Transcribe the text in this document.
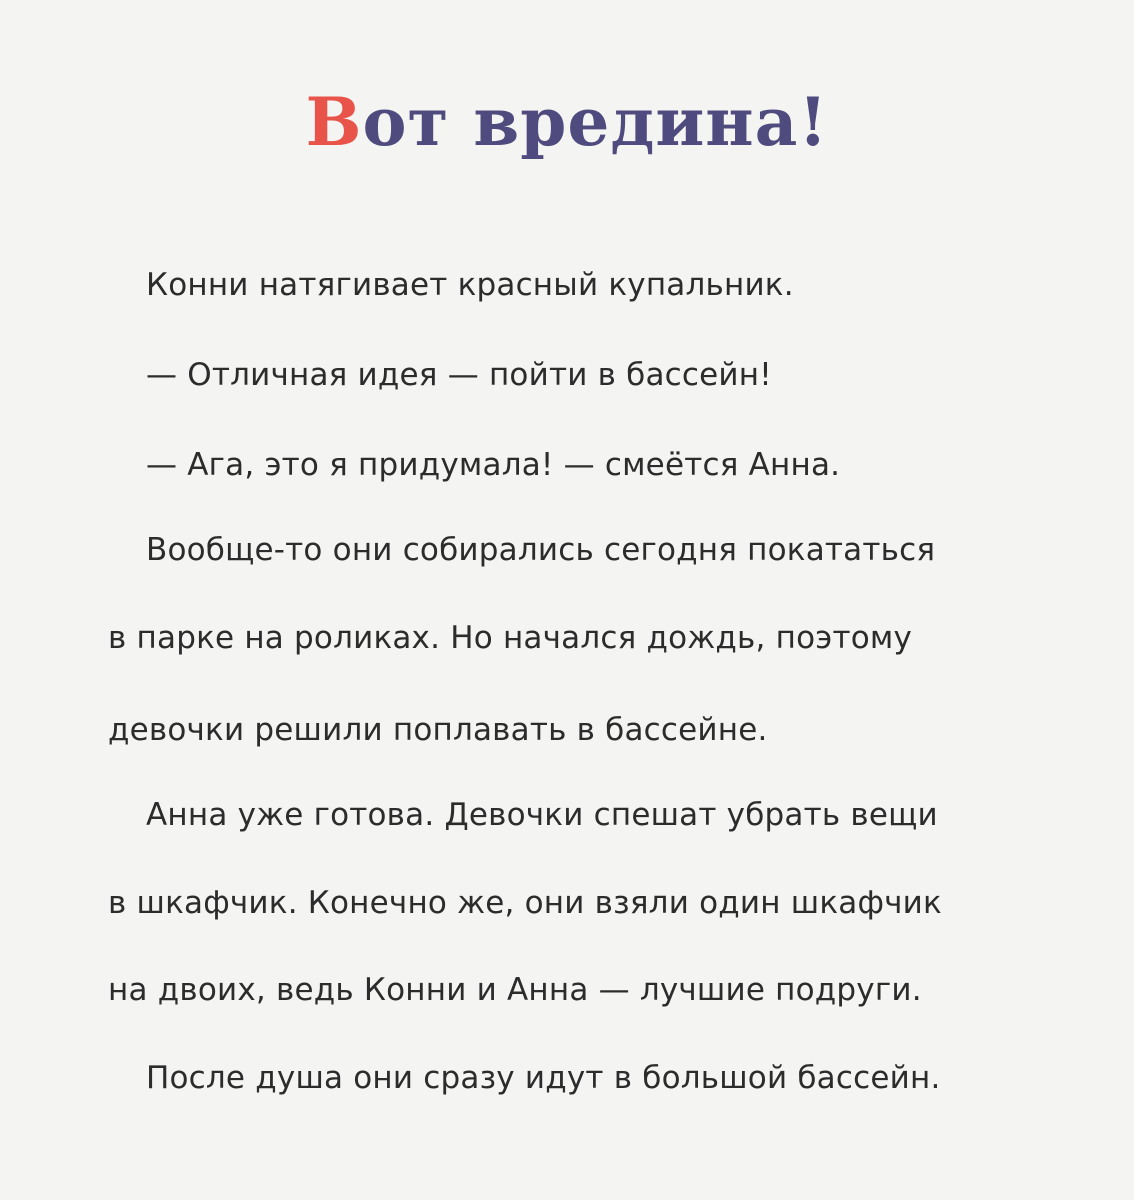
Вот вредина!
Конни натягивает красный купальник.
— Отличная идея — пойти в бассейн!
— Ага, это я придумала! — смеётся Анна.
Вообще-то они собирались сегодня покататься
в парке на роликах. Но начался дождь, поэтому
девочки решили поплавать в бассейне.
Анна уже готова. Девочки спешат убрать вещи
в шкафчик. Конечно же, они взяли один шкафчик
на двоих, ведь Конни и Анна — лучшие подруги.
После душа они сразу идут в большой бассейн.
